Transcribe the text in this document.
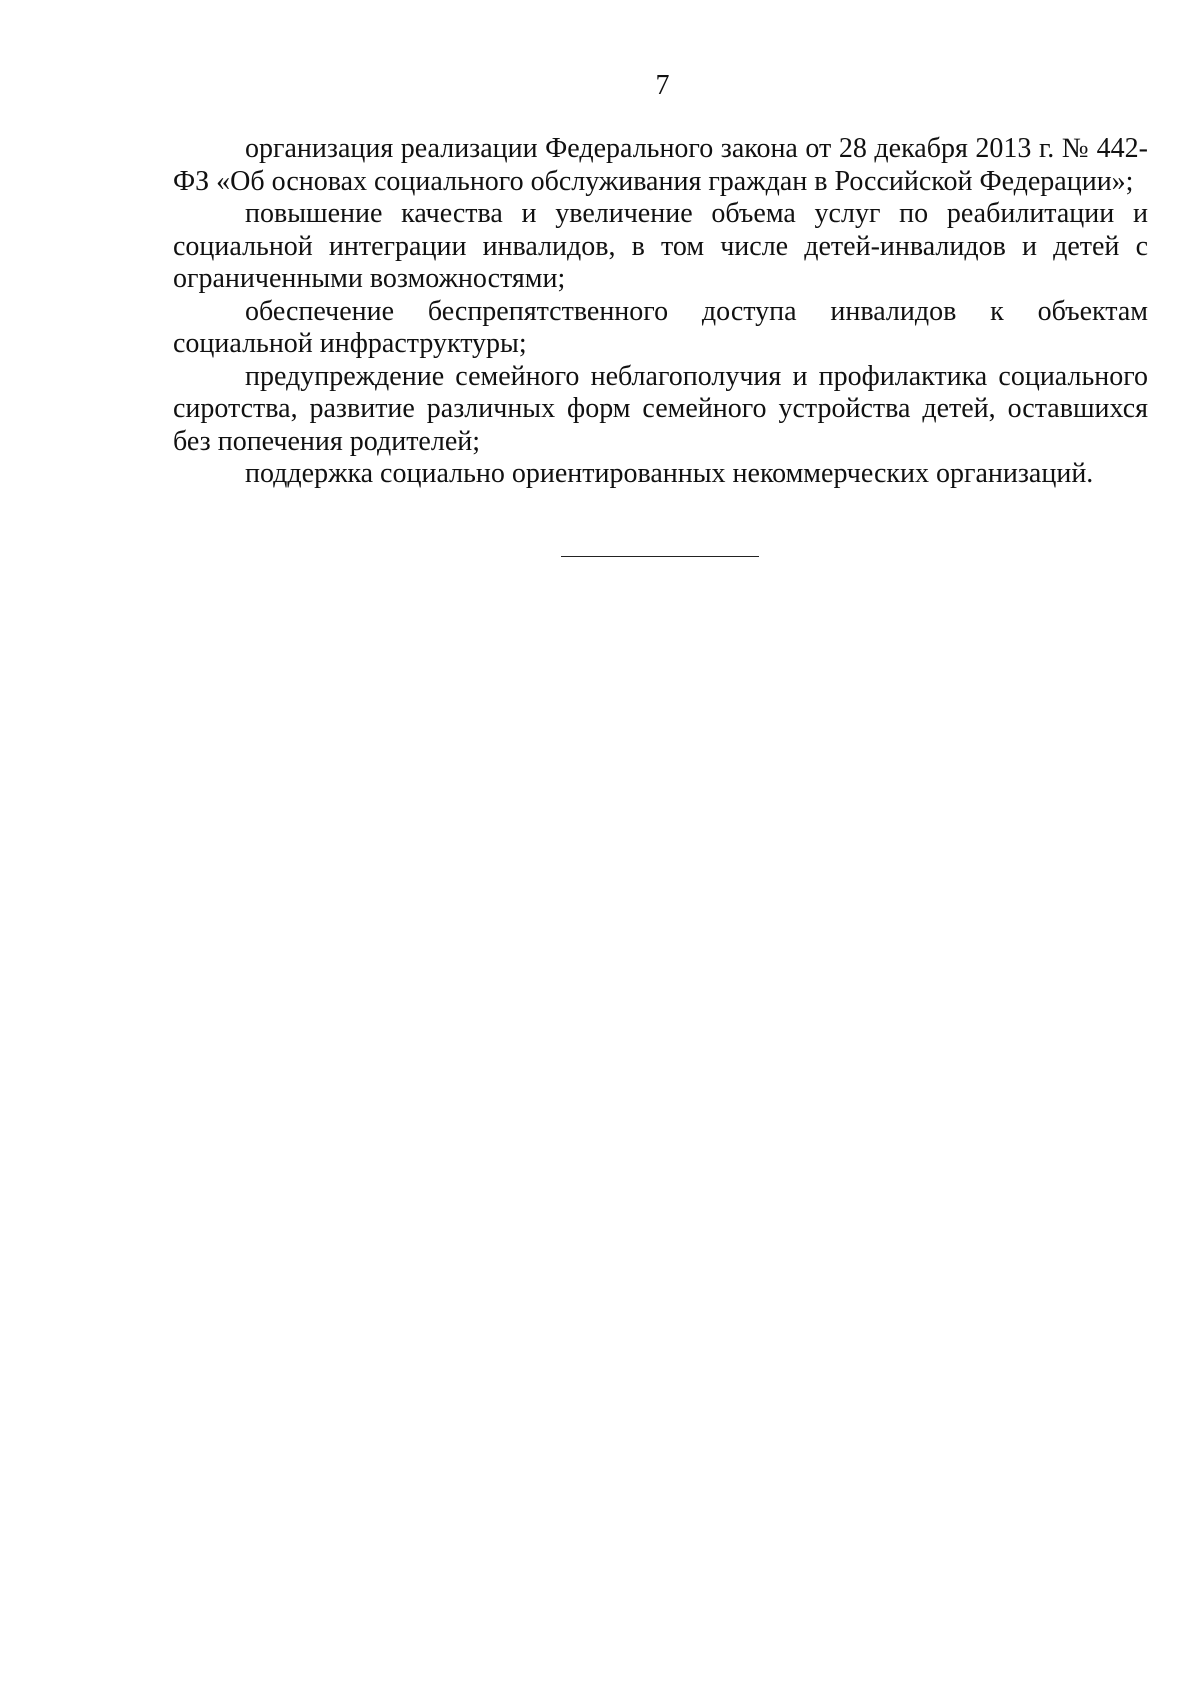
7

организация реализации Федерального закона от 28 декабря 2013 г. № 442-ФЗ «Об основах социального обслуживания граждан в Российской Федерации»;

повышение качества и увеличение объема услуг по реабилитации и социальной интеграции инвалидов, в том числе детей-инвалидов и детей с ограниченными возможностями;

обеспечение беспрепятственного доступа инвалидов к объектам социальной инфраструктуры;

предупреждение семейного неблагополучия и профилактика социального сиротства, развитие различных форм семейного устройства детей, оставшихся без попечения родителей;

поддержка социально ориентированных некоммерческих организаций.
